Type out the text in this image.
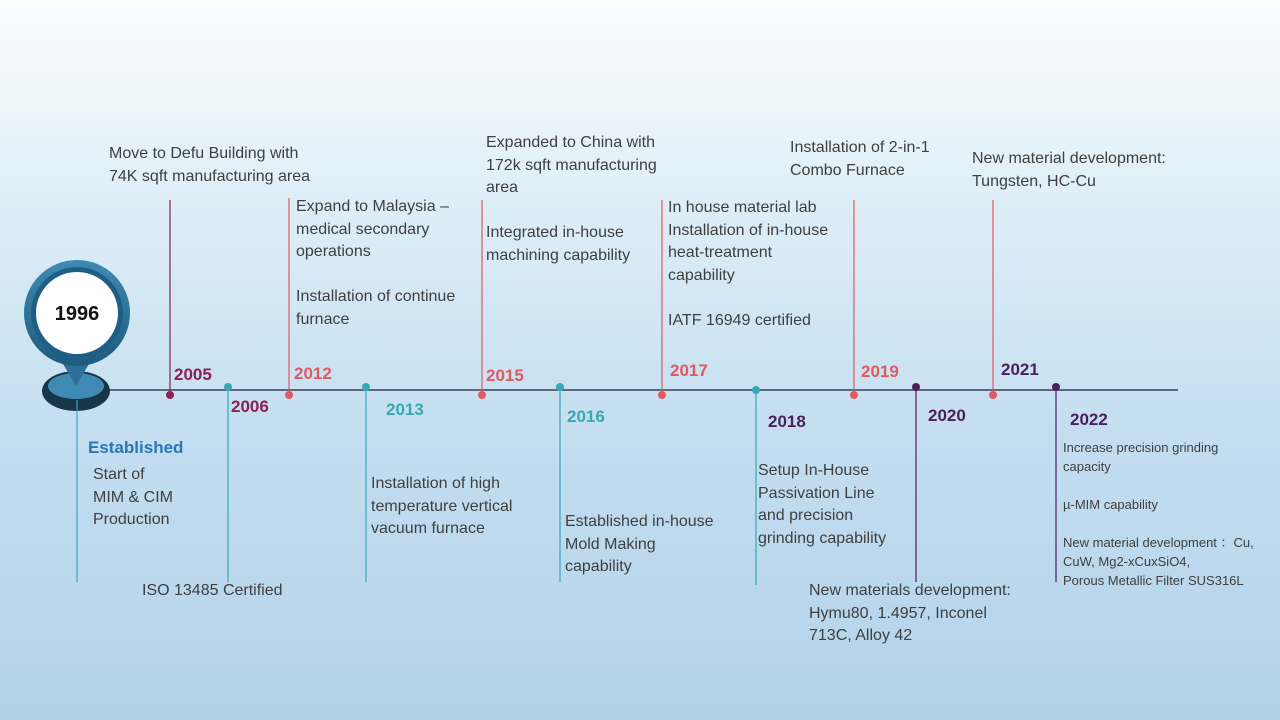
1996

Established

Start of
MIM & CIM
Production

2005

2006

2012

2013

2015

2016

2017

2018

2019

2020

2021

2022

Move to Defu Building with
74K sqft manufacturing area

ISO 13485 Certified

Expand to Malaysia –
medical secondary
operations

Installation of continue
furnace

Installation of high
temperature vertical
vacuum furnace

Expanded to China with
172k sqft manufacturing
area

Integrated in-house
machining capability

Established in-house
Mold Making
capability

In house material lab
Installation of in-house
heat-treatment
capability

IATF 16949 certified

Setup In-House
Passivation Line
and precision
grinding capability

Installation of 2-in-1
Combo Furnace

New materials development:
Hymu80, 1.4957, Inconel
713C, Alloy 42

New material development:
Tungsten, HC-Cu

Increase precision grinding
capacity

µ-MIM capability

New material development ：Cu,
CuW, Mg2-xCuxSiO4,
Porous Metallic Filter SUS316L
